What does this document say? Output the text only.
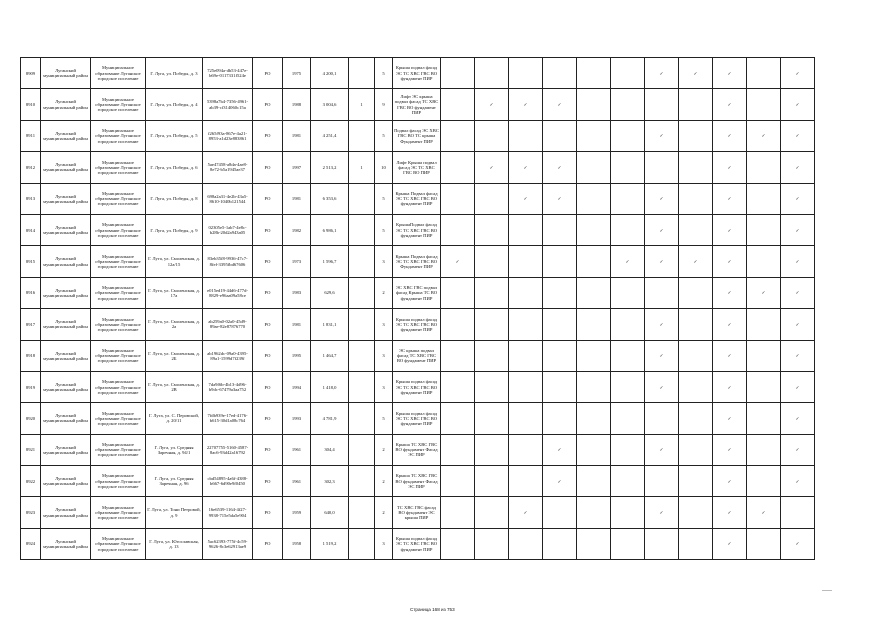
8909	Луганский муниципальный район	Муниципальное образование Луганское городское поселение	Г. Луга, ул. Победы, д. 3	725e094a-db53-447e-b69e-0117331f524e	РО	1975	4 200,1		5	Крыша подвал фасад ЭС ТС ХВС ГВС ВО фундамент ПИР							✓	✓	✓		✓
8910	Луганский муниципальный район	Муниципальное образование Луганское городское поселение	Г. Луга, ул. Победы, д. 4	5398a7b4-7356-4961-ab39-cf314060c15a	РО	1988	3 004,6	1	9	Лифт ЭС крыша подвал фасад ТС ХВС ГВС ВО фундамент ПИР		✓	✓	✓					✓		✓
8911	Луганский муниципальный район	Муниципальное образование Луганское городское поселение	Г. Луга, ул. Победы, д. 5	f265f93a-867e-4a21-8953-a1d23e883861	РО	1981	4 251,4		5	Подвал фасад ЭС ХВС ГВС ВО ТС крыша Фундамент ПИР							✓		✓	✓	✓
8912	Луганский муниципальный район	Муниципальное образование Луганское городское поселение	Г. Луга, ул. Победы, д. 6	5ae47458-a8da-4ae8-8e72-b5a1945ae37	РО	1997	2 513,2	1	10	Лифт Крыша подвал фасад ЭС ТС ХВС ГВС ВО ПИР		✓	✓	✓					✓		✓
8913	Луганский муниципальный район	Муниципальное образование Луганское городское поселение	Г. Луга, ул. Победы, д. 8	698a2a31-4e2b-43a5-8610-1040b121544	РО	1981	6 353,6		5	Крыша Подвал фасад ЭС ТС ХВС ГВС ВО фундамент ПИР			✓	✓			✓		✓		✓
8914	Луганский муниципальный район	Муниципальное образование Луганское городское поселение	Г. Луга, ул. Победы, д. 9	02305e5-1ab7-4e8c-b28b-20d2a943a05	РО	1982	6 986,1		5	КрышаПодвал фасад ЭС ТС ХВС ГВС ВО фундамент ПИР							✓		✓		✓
8915	Луганский муниципальный район	Муниципальное образование Луганское городское поселение	Г. Луга, ул. Смоленская, д. 12а/15	83eb35f8-9936-47c7-8fef-3395fbd67606	РО	1973	1 596,7		3	Крыша Подвал фасад ЭС ТС ХВС ГВС ВО Фундамент ПИР	✓					✓	✓	✓	✓		✓
8916	Луганский муниципальный район	Муниципальное образование Луганское городское поселение	Г. Луга, ул. Смоленская, д. 17а	e015ed19-44d6-477d-8829-e96aa09a58ce	РО	1983	629,6		2	ЭС ХВС ГВС подвал фасад Крыша ТС ВО фундамент ПИР									✓	✓	✓
8917	Луганский муниципальный район	Муниципальное образование Луганское городское поселение	Г. Луга, ул. Смоленская, д. 2а	ab259a0-02a0-45d9-89ae-82e87876770	РО	1981	1 831,1		3	Крыша подвал фасад ЭС ТС ХВС ГВС ВО фундамент ПИР							✓		✓		✓
8918	Луганский муниципальный район	Муниципальное образование Луганское городское поселение	Г. Луга, ул. Смоленская, д. 2Б	ab1962dc-09a0-4395-89a1-1599d7f239f	РО	1995	1 464,7		3	ЭС крыша подвал фасад ТС ХВС ГВС ВО фундамент ПИР							✓		✓		✓
8919	Луганский муниципальный район	Муниципальное образование Луганское городское поселение	Г. Луга, ул. Смоленская, д. 2В	7da9f6b-4b13-4d96-b9dc-67479a3aa752	РО	1994	1 418,0		3	Крыша подвал фасад ЭС ТС ХВС ГВС ВО фундамент ПИР							✓		✓		✓
8920	Луганский муниципальный район	Муниципальное образование Луганское городское поселение	Г. Луга, ул. С. Перовской, д. 20/11	7fdb939e-17ed-4176-b615-30d1a08c764	РО	1993	4 781,9		5	Крыша подвал фасад ЭС ТС ХВС ГВС ВО фундамент ПИР									✓		✓
8921	Луганский муниципальный район	Муниципальное образование Луганское городское поселение	Г. Луга, ул. Средняя Заречная, д. 94/1	22707755-5160-4587-8ac6-93d42a16792	РО	1961	304,4		2	Крыша ТС ХВС ГВС ВО фундамент Фасад ЭС ПИР				✓			✓		✓		✓
8922	Луганский муниципальный район	Муниципальное образование Луганское городское поселение	Г. Луга, ул. Средняя Заречная, д. 96	cbd54895-4a6f-4388-b667-6d90e9f0450	РО	1961	302,3		2	Крыша ТС ХВС ГВС ВО фундамент Фасад ЭС ПИР				✓					✓		✓
8923	Луганский муниципальный район	Муниципальное образование Луганское городское поселение	Г. Луга, ул. Тони Петровой, д. 9	16e6539-1164-4f27-9938-715e5da5e904	РО	1959	640,0		2	ТС ХВС ГВС фасад ВО фундамент ЭС крыша ПИР			✓				✓		✓	✓	
8924	Луганский муниципальный район	Муниципальное образование Луганское городское поселение	Г. Луга, ул. Югославская, д. 13	5ac62393-775f-4c59-9626-8c3e62913ae9	РО	1958	1 519,2		3	Крыша подвал фасад ЭС ТС ХВС ГВС ВО фундамент ПИР									✓		✓
Страница 168 из 753
